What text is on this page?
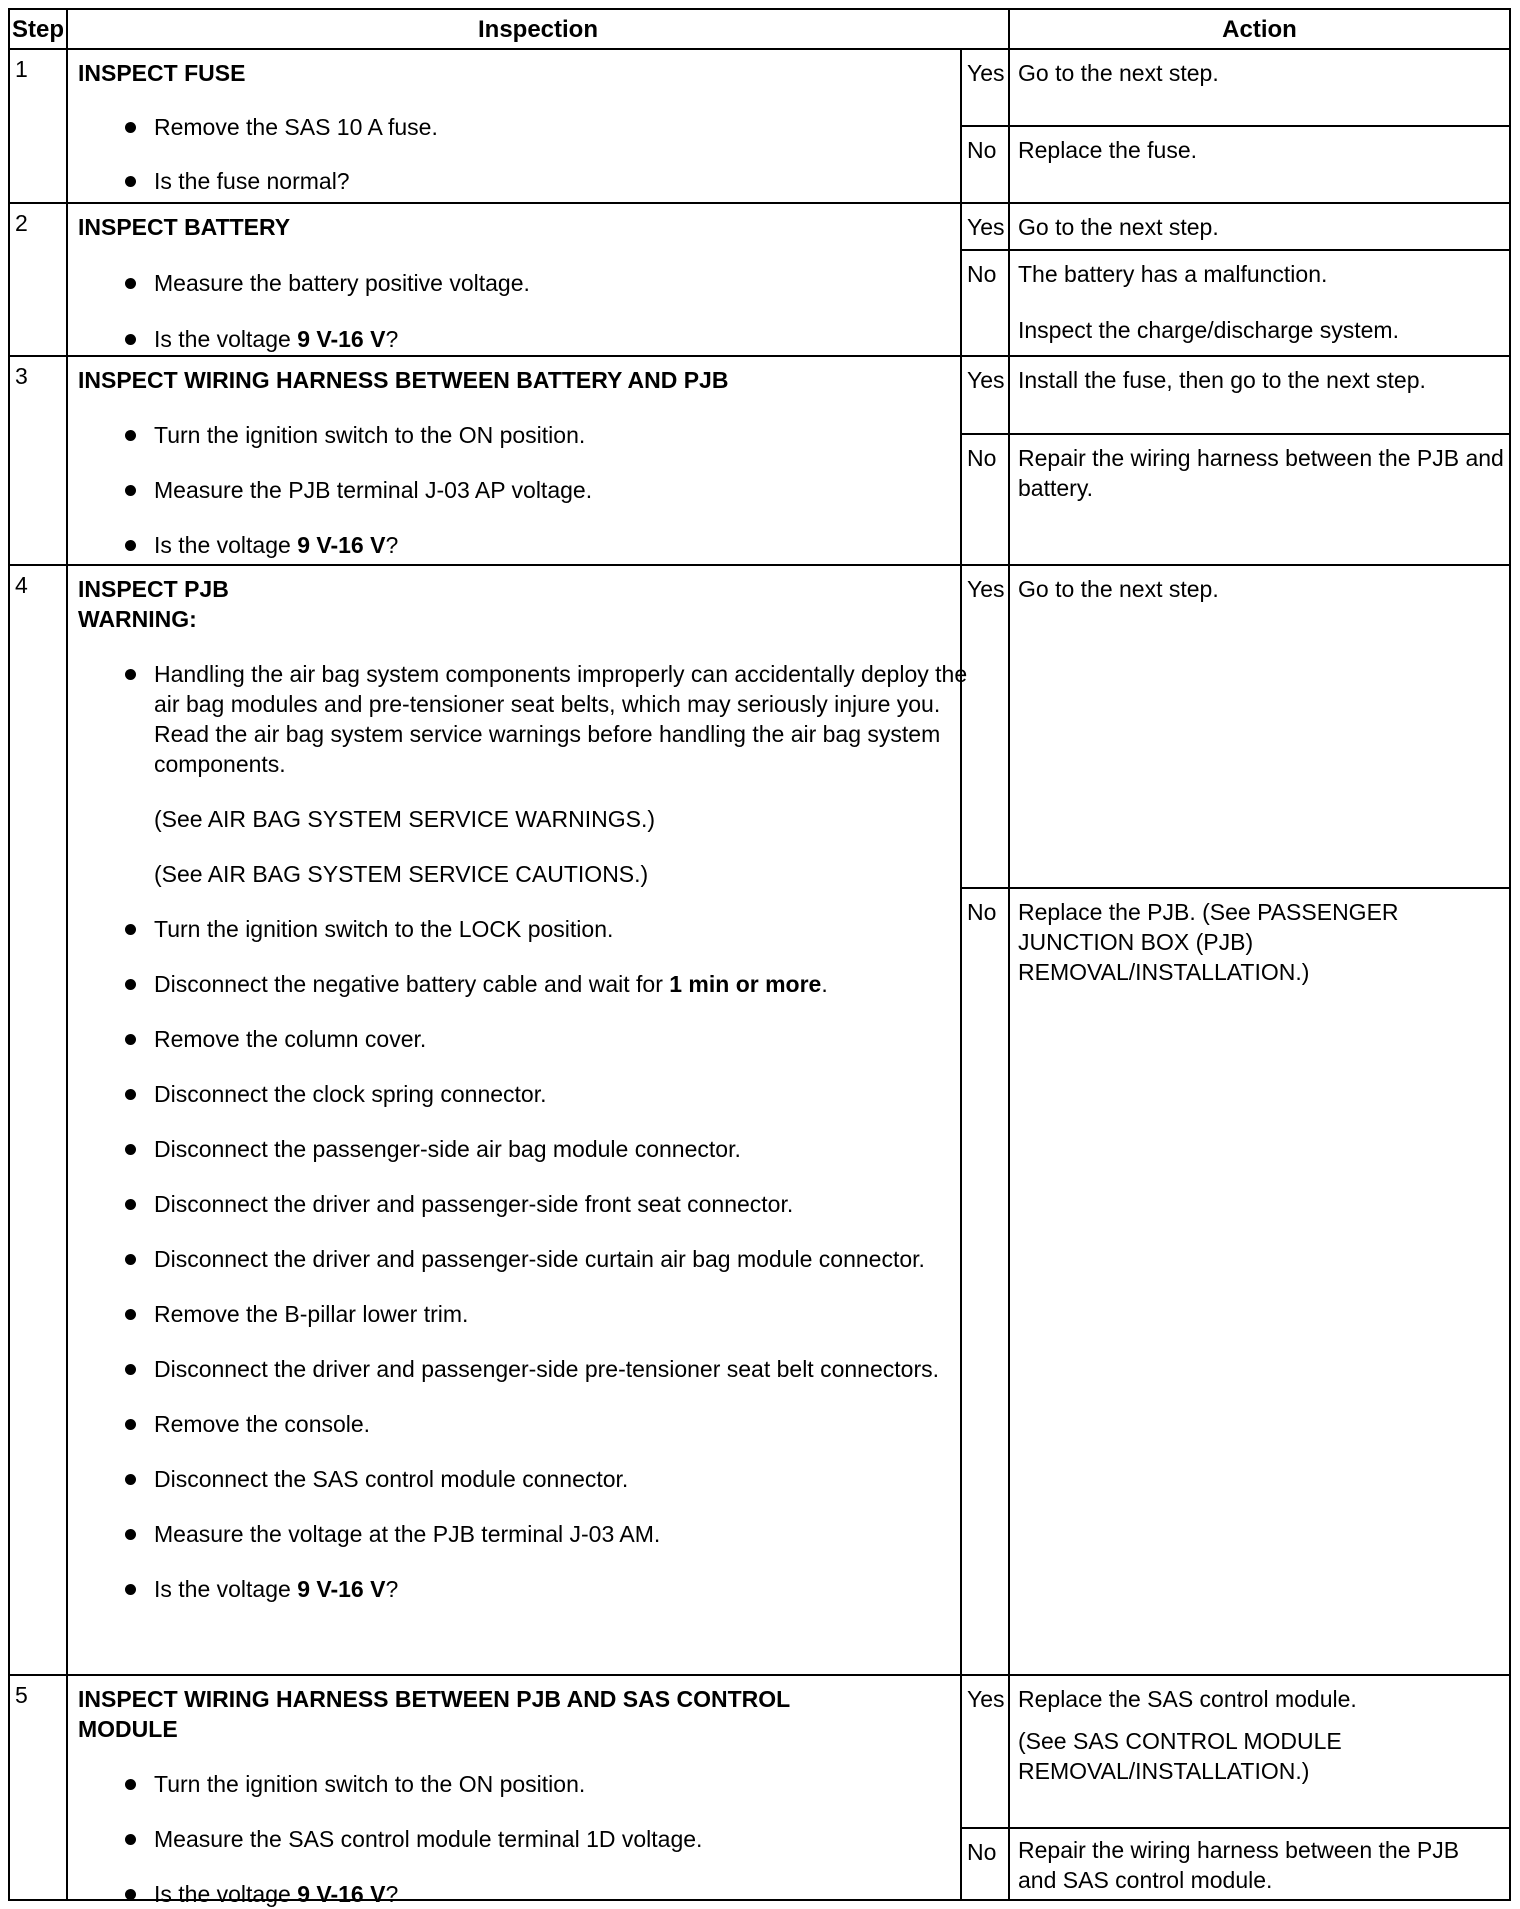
Step	Inspection	Action
1 INSPECT FUSE
Remove the SAS 10 A fuse.
Is the fuse normal?
Yes Go to the next step.
No Replace the fuse.
2 INSPECT BATTERY
Measure the battery positive voltage.
Is the voltage 9 V-16 V?
Yes Go to the next step.
No The battery has a malfunction.
Inspect the charge/discharge system.
3 INSPECT WIRING HARNESS BETWEEN BATTERY AND PJB
Turn the ignition switch to the ON position.
Measure the PJB terminal J-03 AP voltage.
Is the voltage 9 V-16 V?
Yes Install the fuse, then go to the next step.
No Repair the wiring harness between the PJB and battery.
4 INSPECT PJB
WARNING:
Handling the air bag system components improperly can accidentally deploy the air bag modules and pre-tensioner seat belts, which may seriously injure you. Read the air bag system service warnings before handling the air bag system components.
(See AIR BAG SYSTEM SERVICE WARNINGS.)
(See AIR BAG SYSTEM SERVICE CAUTIONS.)
Turn the ignition switch to the LOCK position.
Disconnect the negative battery cable and wait for 1 min or more.
Remove the column cover.
Disconnect the clock spring connector.
Disconnect the passenger-side air bag module connector.
Disconnect the driver and passenger-side front seat connector.
Disconnect the driver and passenger-side curtain air bag module connector.
Remove the B-pillar lower trim.
Disconnect the driver and passenger-side pre-tensioner seat belt connectors.
Remove the console.
Disconnect the SAS control module connector.
Measure the voltage at the PJB terminal J-03 AM.
Is the voltage 9 V-16 V?
Yes Go to the next step.
No Replace the PJB. (See PASSENGER JUNCTION BOX (PJB) REMOVAL/INSTALLATION.)
5 INSPECT WIRING HARNESS BETWEEN PJB AND SAS CONTROL MODULE
Turn the ignition switch to the ON position.
Measure the SAS control module terminal 1D voltage.
Is the voltage 9 V-16 V?
Yes Replace the SAS control module.
(See SAS CONTROL MODULE REMOVAL/INSTALLATION.)
No Repair the wiring harness between the PJB and SAS control module.
